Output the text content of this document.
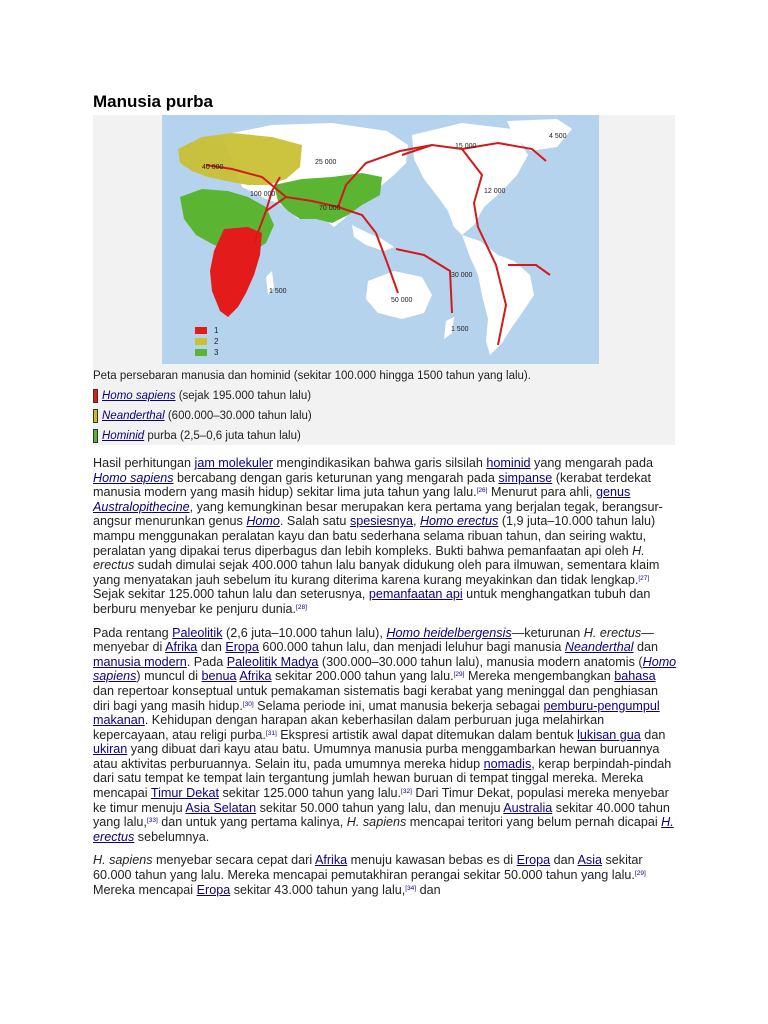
Manusia purba
4 500
15 000
25 000
40 000
100 000
70 000
12 000
30 000
1 500
50 000
1 500
1
2
3
Peta persebaran manusia dan hominid (sekitar 100.000 hingga 1500 tahun yang lalu).
Homo sapiens (sejak 195.000 tahun lalu)
Neanderthal (600.000–30.000 tahun lalu)
Hominid purba (2,5–0,6 juta tahun lalu)

Hasil perhitungan jam molekuler mengindikasikan bahwa garis silsilah hominid yang mengarah pada Homo sapiens bercabang dengan garis keturunan yang mengarah pada simpanse (kerabat terdekat manusia modern yang masih hidup) sekitar lima juta tahun yang lalu.[26] Menurut para ahli, genus Australopithecine, yang kemungkinan besar merupakan kera pertama yang berjalan tegak, berangsur-angsur menurunkan genus Homo. Salah satu spesiesnya, Homo erectus (1,9 juta–10.000 tahun lalu) mampu menggunakan peralatan kayu dan batu sederhana selama ribuan tahun, dan seiring waktu, peralatan yang dipakai terus diperbagus dan lebih kompleks. Bukti bahwa pemanfaatan api oleh H. erectus sudah dimulai sejak 400.000 tahun lalu banyak didukung oleh para ilmuwan, sementara klaim yang menyatakan jauh sebelum itu kurang diterima karena kurang meyakinkan dan tidak lengkap.[27] Sejak sekitar 125.000 tahun lalu dan seterusnya, pemanfaatan api untuk menghangatkan tubuh dan berburu menyebar ke penjuru dunia.[28]

Pada rentang Paleolitik (2,6 juta–10.000 tahun lalu), Homo heidelbergensis—keturunan H. erectus—menyebar di Afrika dan Eropa 600.000 tahun lalu, dan menjadi leluhur bagi manusia Neanderthal dan manusia modern. Pada Paleolitik Madya (300.000–30.000 tahun lalu), manusia modern anatomis (Homo sapiens) muncul di benua Afrika sekitar 200.000 tahun yang lalu.[29] Mereka mengembangkan bahasa dan repertoar konseptual untuk pemakaman sistematis bagi kerabat yang meninggal dan penghiasan diri bagi yang masih hidup.[30] Selama periode ini, umat manusia bekerja sebagai pemburu-pengumpul makanan. Kehidupan dengan harapan akan keberhasilan dalam perburuan juga melahirkan kepercayaan, atau religi purba.[31] Ekspresi artistik awal dapat ditemukan dalam bentuk lukisan gua dan ukiran yang dibuat dari kayu atau batu. Umumnya manusia purba menggambarkan hewan buruannya atau aktivitas perburuannya. Selain itu, pada umumnya mereka hidup nomadis, kerap berpindah-pindah dari satu tempat ke tempat lain tergantung jumlah hewan buruan di tempat tinggal mereka. Mereka mencapai Timur Dekat sekitar 125.000 tahun yang lalu.[32] Dari Timur Dekat, populasi mereka menyebar ke timur menuju Asia Selatan sekitar 50.000 tahun yang lalu, dan menuju Australia sekitar 40.000 tahun yang lalu,[33] dan untuk yang pertama kalinya, H. sapiens mencapai teritori yang belum pernah dicapai H. erectus sebelumnya.

H. sapiens menyebar secara cepat dari Afrika menuju kawasan bebas es di Eropa dan Asia sekitar 60.000 tahun yang lalu. Mereka mencapai pemutakhiran perangai sekitar 50.000 tahun yang lalu.[29] Mereka mencapai Eropa sekitar 43.000 tahun yang lalu,[34] dan
